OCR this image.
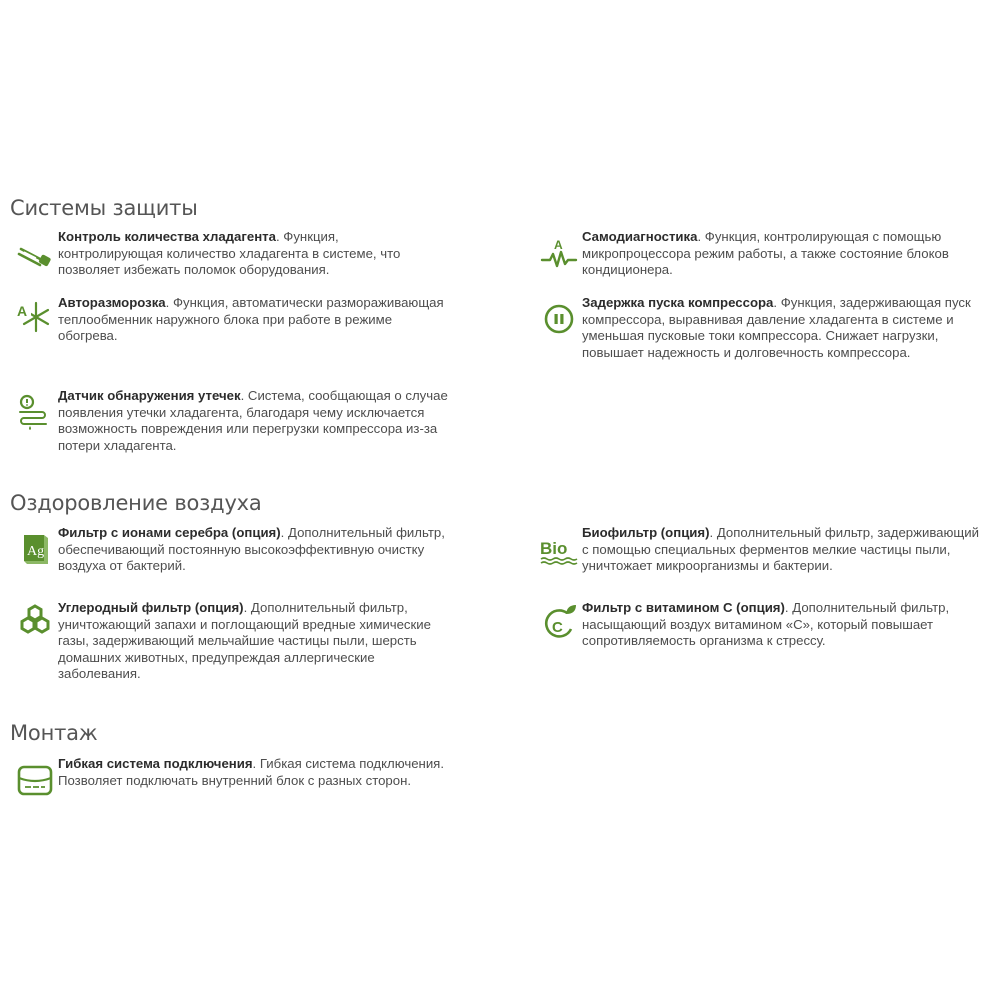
Системы защиты
Контроль количества хладагента. Функция, контролирующая количество хладагента в системе, что позволяет избежать поломок оборудования.
A
Самодиагностика. Функция, контролирующая с помощью микропроцессора режим работы, а также состояние блоков кондиционера.
A
Авторазморозка. Функция, автоматически размораживающая теплообменник наружного блока при работе в режиме обогрева.
Задержка пуска компрессора. Функция, задерживающая пуск компрессора, выравнивая давление хладагента в системе и уменьшая пусковые токи компрессора. Снижает нагрузки, повышает надежность и долговечность компрессора.
Датчик обнаружения утечек. Система, сообщающая о случае появления утечки хладагента, благодаря чему исключается возможность повреждения или перегрузки компрессора из-за потери хладагента.
Оздоровление воздуха
Ag
Фильтр с ионами серебра (опция). Дополнительный фильтр, обеспечивающий постоянную высокоэффективную очистку воздуха от бактерий.
Bio
Биофильтр (опция). Дополнительный фильтр, задерживающий с помощью специальных ферментов мелкие частицы пыли, уничтожает микроорганизмы и бактерии.
Углеродный фильтр (опция). Дополнительный фильтр, уничтожающий запахи и поглощающий вредные химические газы, задерживающий мельчайшие частицы пыли, шерсть домашних животных, предупреждая аллергические заболевания.
C
Фильтр с витамином С (опция). Дополнительный фильтр, насыщающий воздух витамином «С», который повышает сопротивляемость организма к стрессу.
Монтаж
Гибкая система подключения. Гибкая система подключения. Позволяет подключать внутренний блок с разных сторон.
